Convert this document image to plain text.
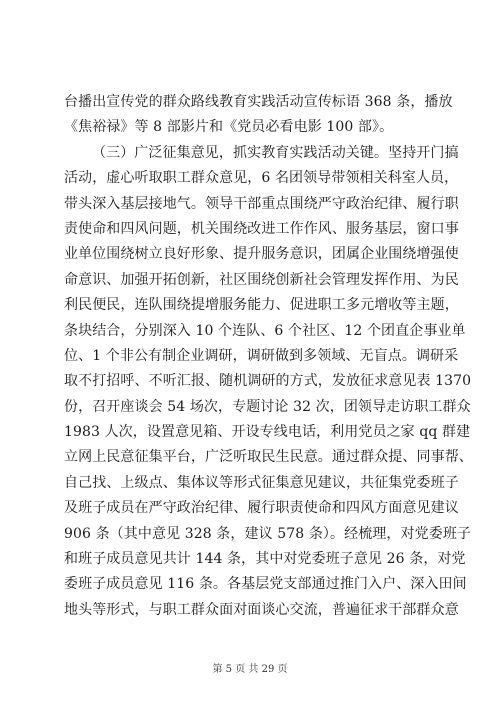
台播出宣传党的群众路线教育实践活动宣传标语 368 条，播放
《焦裕禄》等 8 部影片和《党员必看电影 100 部》。
（三）广泛征集意见，抓实教育实践活动关键。坚持开门搞
活动，虚心听取职工群众意见，6 名团领导带领相关科室人员，
带头深入基层接地气。领导干部重点围绕严守政治纪律、履行职
责使命和四风问题，机关围绕改进工作作风、服务基层，窗口事
业单位围绕树立良好形象、提升服务意识，团属企业围绕增强使
命意识、加强开拓创新，社区围绕创新社会管理发挥作用、为民
利民便民，连队围绕提增服务能力、促进职工多元增收等主题，
条块结合，分别深入 10 个连队、6 个社区、12 个团直企事业单
位、1 个非公有制企业调研，调研做到多领域、无盲点。调研采
取不打招呼、不听汇报、随机调研的方式，发放征求意见表 1370
份，召开座谈会 54 场次，专题讨论 32 次，团领导走访职工群众
1983 人次，设置意见箱、开设专线电话，利用党员之家 qq 群建
立网上民意征集平台，广泛听取民生民意。通过群众提、同事帮、
自己找、上级点、集体议等形式征集意见建议，共征集党委班子
及班子成员在严守政治纪律、履行职责使命和四风方面意见建议
906 条（其中意见 328 条，建议 578 条）。经梳理，对党委班子
和班子成员意见共计 144 条，其中对党委班子意见 26 条，对党
委班子成员意见 116 条。各基层党支部通过推门入户、深入田间
地头等形式，与职工群众面对面谈心交流，普遍征求干部群众意
第 5 页 共 29 页
